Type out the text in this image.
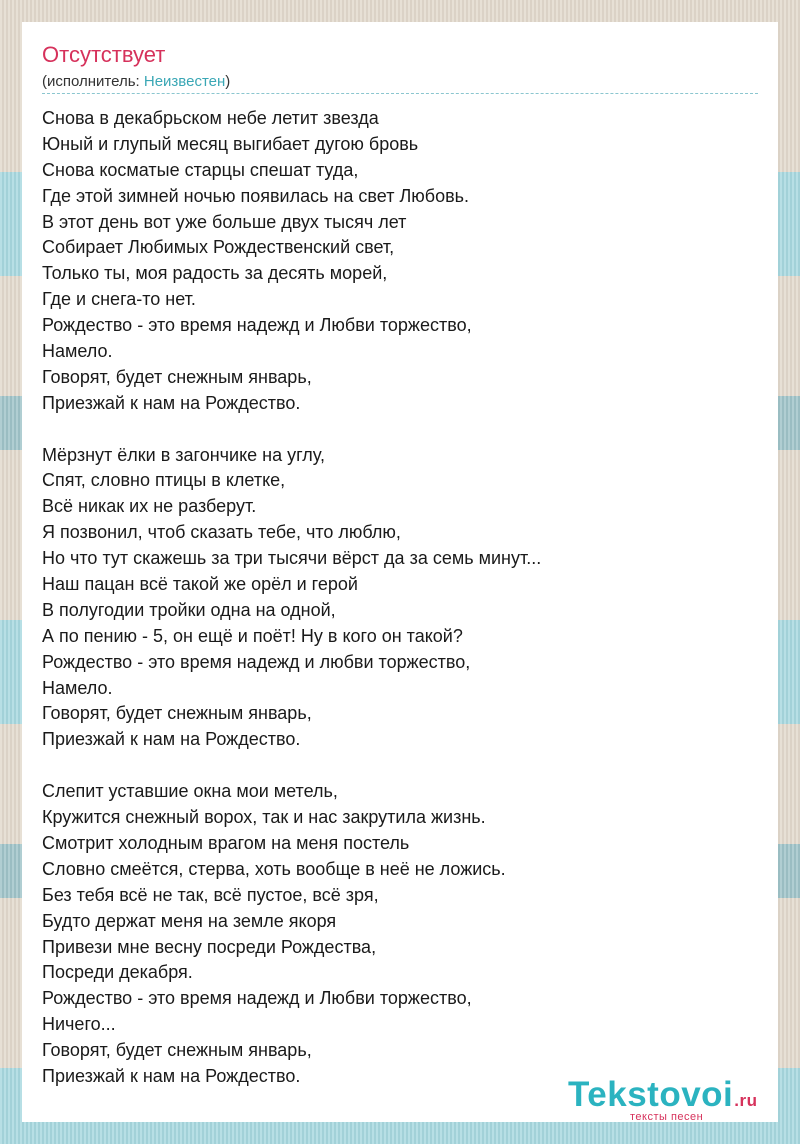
Отсутствует
(исполнитель: Неизвестен)
Снова в декабрьском небе летит звезда
Юный и глупый месяц выгибает дугою бровь
Снова косматые старцы спешат туда,
Где этой зимней ночью появилась на свет Любовь.
В этот день вот уже больше двух тысяч лет
Собирает Любимых Рождественский свет,
Только ты, моя радость за десять морей,
Где и снега-то нет.
Рождество - это время надежд и Любви торжество,
Намело.
Говорят, будет снежным январь,
Приезжай к нам на Рождество.
Мёрзнут ёлки в загончике на углу,
Спят, словно птицы в клетке,
Всё никак их не разберут.
Я позвонил, чтоб сказать тебе, что люблю,
Но что тут скажешь за три тысячи вёрст да за семь минут...
Наш пацан всё такой же орёл и герой
В полугодии тройки одна на одной,
А по пению - 5, он ещё и поёт! Ну в кого он такой?
Рождество - это время надежд и любви торжество,
Намело.
Говорят, будет снежным январь,
Приезжай к нам на Рождество.
Слепит уставшие окна мои метель,
Кружится снежный ворох, так и нас закрутила жизнь.
Смотрит холодным врагом на меня постель
Словно смеётся, стерва, хоть вообще в неё не ложись.
Без тебя всё не так, всё пустое, всё зря,
Будто держат меня на земле якоря
Привези мне весну посреди Рождества,
Посреди декабря.
Рождество - это время надежд и Любви торжество,
Ничего...
Говорят, будет снежным январь,
Приезжай к нам на Рождество.	Tekstovoi.ru
тексты песен
